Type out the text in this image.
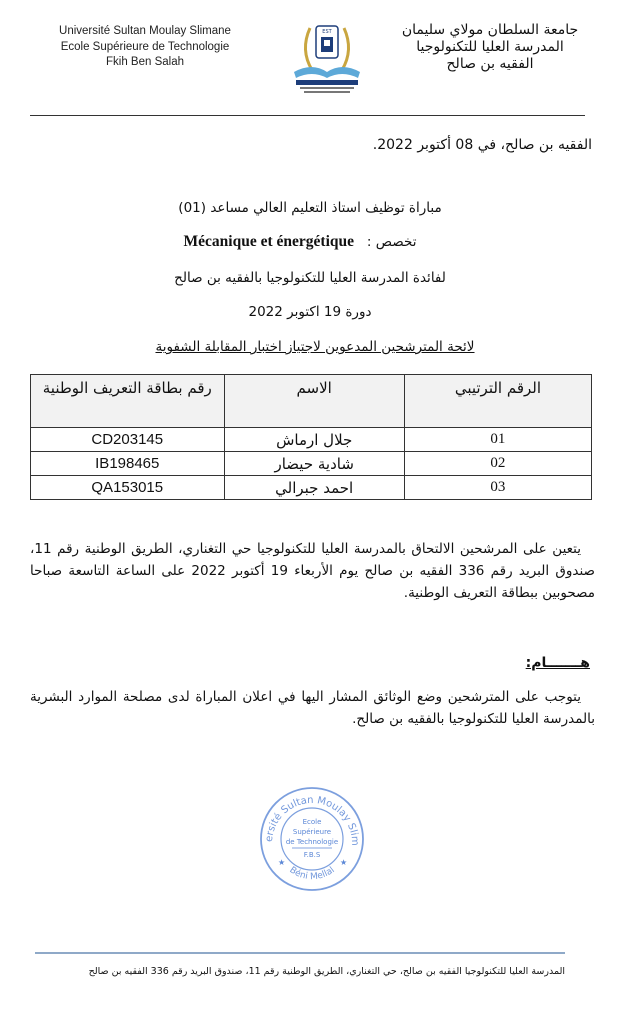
Université Sultan Moulay Slimane
Ecole Supérieure de Technologie
Fkih Ben Salah
EST	جامعة السلطان مولاي سليمان
المدرسة العليا للتكنولوجيا
الفقيه بن صالح
الفقيه بن صالح، في 08 أكتوبر 2022.
مباراة توظيف استاذ التعليم العالي مساعد (01)
تخصص :   Mécanique et énergétique
لفائدة المدرسة العليا للتكنولوجيا بالفقيه بن صالح
دورة 19 اكتوبر 2022
لائحة المترشحين المدعوين لاجتياز اختبار المقابلة الشفوية
الرقم الترتيبي	الاسم	رقم بطاقة التعريف الوطنية
01	جلال ارماش	CD203145
02	شادية حيضار	IB198465
03	احمد جبرالي	QA153015
يتعين على المرشحين الالتحاق بالمدرسة العليا للتكنولوجيا حي التغناري، الطريق الوطنية رقم 11، صندوق البريد رقم 336 الفقيه بن صالح يوم الأربعاء 19 أكتوبر 2022 على الساعة التاسعة صباحا مصحوبين ببطاقة التعريف الوطنية.
هـــــــام:
يتوجب على المترشحين وضع الوثائق المشار اليها في اعلان المباراة لدى مصلحة الموارد البشرية بالمدرسة العليا للتكنولوجيا بالفقيه بن صالح.
ersité Sultan Moulay Slim
Béni Mellal
★	★
Ecole
Supérieure
de Technologie
F.B.S
المدرسة العليا للتكنولوجيا الفقيه بن صالح، حي التغناري، الطريق الوطنية رقم 11، صندوق البريد رقم 336 الفقيه بن صالح
